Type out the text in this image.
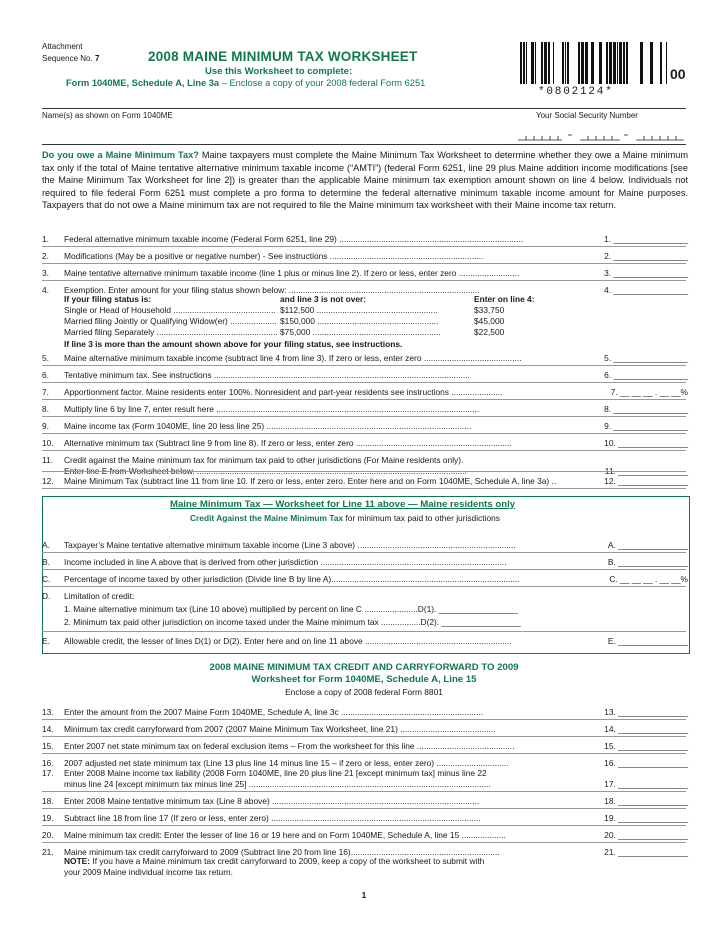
Attachment
Sequence No. 7	2008 MAINE MINIMUM TAX WORKSHEET
Use this Worksheet to complete:
Form 1040ME, Schedule A, Line 3a – Enclose a copy of your 2008 federal Form 6251
*0802124*
00
Name(s) as shown on Form 1040ME	Your Social Security Number
Do you owe a Maine Minimum Tax? Maine taxpayers must complete the Maine Minimum Tax Worksheet to determine whether they owe a Maine minimum tax only if the total of Maine tentative alternative minimum taxable income (“AMTI”) (federal Form 6251, line 29 plus Maine addition income modifications [see the Maine Minimum Tax Worksheet for line 2]) is greater than the applicable Maine minimum tax exemption amount shown on line 4 below. Individuals not required to file federal Form 6251 must complete a pro forma to determine the federal alternative minimum taxable income amount for Maine purposes. Taxpayers that do not owe a Maine minimum tax are not required to file the Maine minimum tax worksheet with their Maine income tax return.
1. Federal alternative minimum taxable income (Federal Form 6251, line 29) ...............................................................................	1. ________________
2. Modifications (May be a positive or negative number) - See instructions ..................................................................	2. ________________
3. Maine tentative alternative minimum taxable income (line 1 plus or minus line 2). If zero or less, enter zero ..........................	3. ________________
4. Exemption. Enter amount for your filing status shown below: ..................................................................................	4. ________________
If your filing status is:	and line 3 is not over:	Enter on line 4:
Single or Head of Household ............................................ $112,500 ....................................................	$33,750
Married filing Jointly or Qualifying Widow(er) .................... $150,000 ....................................................	$45,000
Married filing Separately .................................................... $75,000 .......................................................	$22,500
If line 3 is more than the amount shown above for your filing status, see instructions.
5. Maine alternative minimum taxable income (subtract line 4 from line 3). If zero or less, enter zero ..........................................	5. ________________
6. Tentative minimum tax. See instructions ..............................................................................................................	6. ________________
7. Apportionment factor. Maine residents enter 100%. Nonresident and part-year residents see instructions ......................	7. __ __ __ . __ __%
8. Multiply line 6 by line 7, enter result here .................................................................................................................	8. ________________
9. Maine income tax (Form 1040ME, line 20 less line 25) ........................................................................................	9. ________________
10. Alternative minimum tax (Subtract line 9 from line 8). If zero or less, enter zero ...................................................................	10. _______________
11. Credit against the Maine minimum tax for minimum tax paid to other jurisdictions (For Maine residents only).
Enter line E from Worksheet below. ....................................................................................................................	11. _______________
12. Maine Minimum Tax (subtract line 11 from line 10. If zero or less, enter zero. Enter here and on Form 1040ME, Schedule A, line 3a) ..	12. _______________
Maine Minimum Tax — Worksheet for Line 11 above — Maine residents only
Credit Against the Maine Minimum Tax for minimum tax paid to other jurisdictions
A. Taxpayer’s Maine tentative alternative minimum taxable income (Line 3 above) ....................................................................	A. _______________
B. Income included in line A above that is derived from other jurisdiction ................................................................................	B. _______________
C. Percentage of income taxed by other jurisdiction (Divide line B by line A).................................................................................	C. __ __ __ . __ __%
D. Limitation of credit:
1. Maine alternative minimum tax (Line 10 above) multiplied by percent on line C .......................D(1). _________________
2. Minimum tax paid other jurisdiction on income taxed under the Maine minimum tax .................D(2). _________________
E. Allowable credit, the lesser of lines D(1) or D(2). Enter here and on line 11 above ...............................................................	E. _______________
2008 MAINE MINIMUM TAX CREDIT AND CARRYFORWARD TO 2009
Worksheet for Form 1040ME, Schedule A, Line 15
Enclose a copy of 2008 federal Form 8801
13. Enter the amount from the 2007 Maine Form 1040ME, Schedule A, line 3c .............................................................	13. _______________
14. Minimum tax credit carryforward from 2007 (2007 Maine Minimum Tax Worksheet, line 21) .........................................	14. _______________
15. Enter 2007 net state minimum tax on federal exclusion items – From the worksheet for this line ..........................................	15. _______________
16. 2007 adjusted net state minimum tax (Line 13 plus line 14 minus line 15 – if zero or less, enter zero) ...............................	16. _______________
17. Enter 2008 Maine income tax liability (2008 Form 1040ME, line 20 plus line 21 [except minimum tax] minus line 22
minus line 24 [except minimum tax minus line 25] ........................................................................................................	17. _______________
18. Enter 2008 Maine tentative minimum tax (Line 8 above) .........................................................................................	18. _______________
19. Subtract line 18 from line 17 (If zero or less, enter zero) ..........................................................................................	19. _______________
20. Maine minimum tax credit: Enter the lesser of line 16 or 19 here and on Form 1040ME, Schedule A, line 15 ...................	20. _______________
21. Maine minimum tax credit carryforward to 2009 (Subtract line 20 from line 16)................................................................	21. _______________
NOTE: If you have a Maine minimum tax credit carryforward to 2009, keep a copy of the worksheet to submit with
your 2009 Maine individual income tax return.
1
